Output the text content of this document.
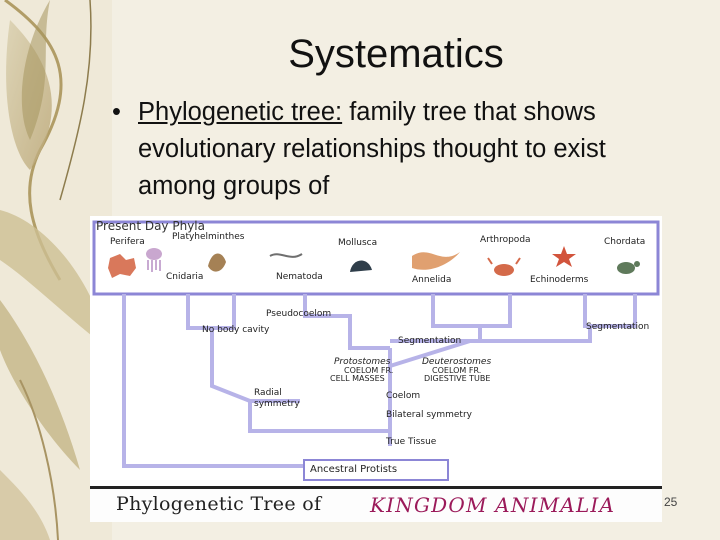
Systematics
• Phylogenetic tree: family tree that shows evolutionary relationships thought to exist among groups of
Present Day Phyla
Perifera	Platyhelminthes
Mollusca	Arthropoda	Chordata
Cnidaria	Nematoda	Annelida	Echinoderms
Pseudocoelom
No body cavity
Segmentation
Segmentation
Protostomes
COELOM FR.
CELL MASSES
Deuterostomes
COELOM FR.
DIGESTIVE TUBE
Radial
symmetry
Coelom
Bilateral symmetry
True Tissue
Ancestral Protists
Phylogenetic Tree of KINGDOM ANIMALIA	25
